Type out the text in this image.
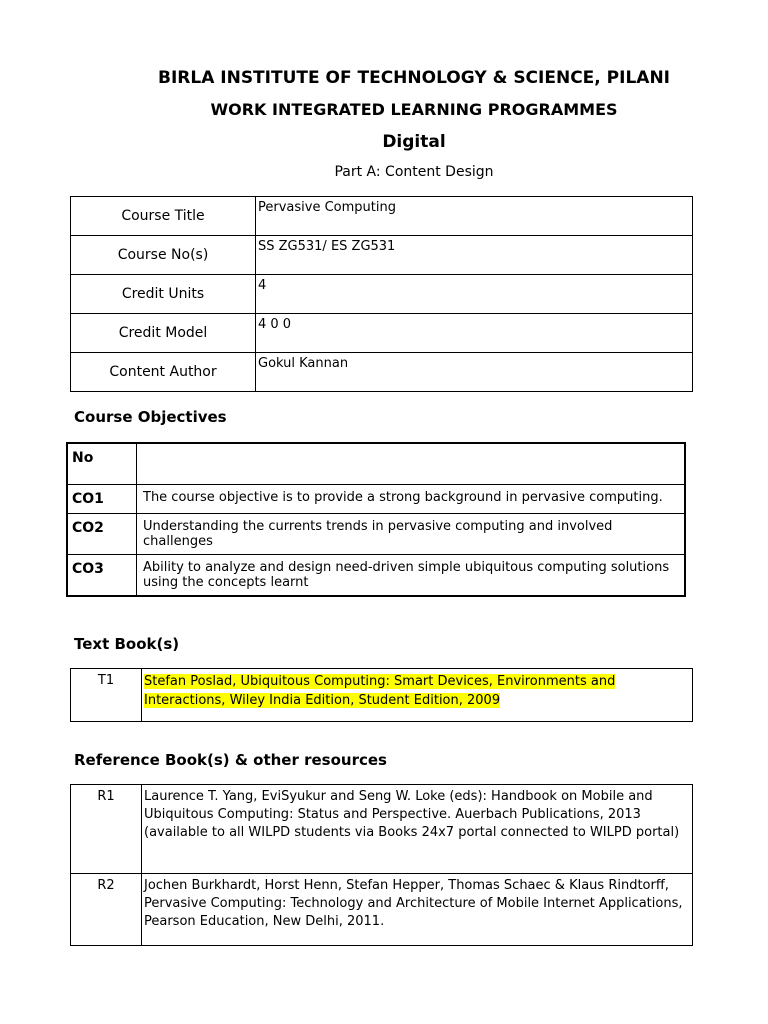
BIRLA INSTITUTE OF TECHNOLOGY & SCIENCE, PILANI
WORK INTEGRATED LEARNING PROGRAMMES
Digital
Part A: Content Design
Course Title	Pervasive Computing
Course No(s)	SS ZG531/ ES ZG531
Credit Units	4
Credit Model	4 0 0
Content Author	Gokul Kannan
Course Objectives
No	
CO1	The course objective is to provide a strong background in pervasive computing.
CO2	Understanding the currents trends in pervasive computing and involved challenges
CO3	Ability to analyze and design need-driven simple ubiquitous computing solutions using the concepts learnt
Text Book(s)
T1	Stefan Poslad, Ubiquitous Computing: Smart Devices, Environments and
Interactions, Wiley India Edition, Student Edition, 2009
Reference Book(s) & other resources
R1	Laurence T. Yang, EviSyukur and Seng W. Loke (eds): Handbook on Mobile and Ubiquitous Computing: Status and Perspective. Auerbach Publications, 2013 (available to all WILPD students via Books 24x7 portal connected to WILPD portal)
R2	Jochen Burkhardt, Horst Henn, Stefan Hepper, Thomas Schaec & Klaus Rindtorff, Pervasive Computing: Technology and Architecture of Mobile Internet Applications, Pearson Education, New Delhi, 2011.
